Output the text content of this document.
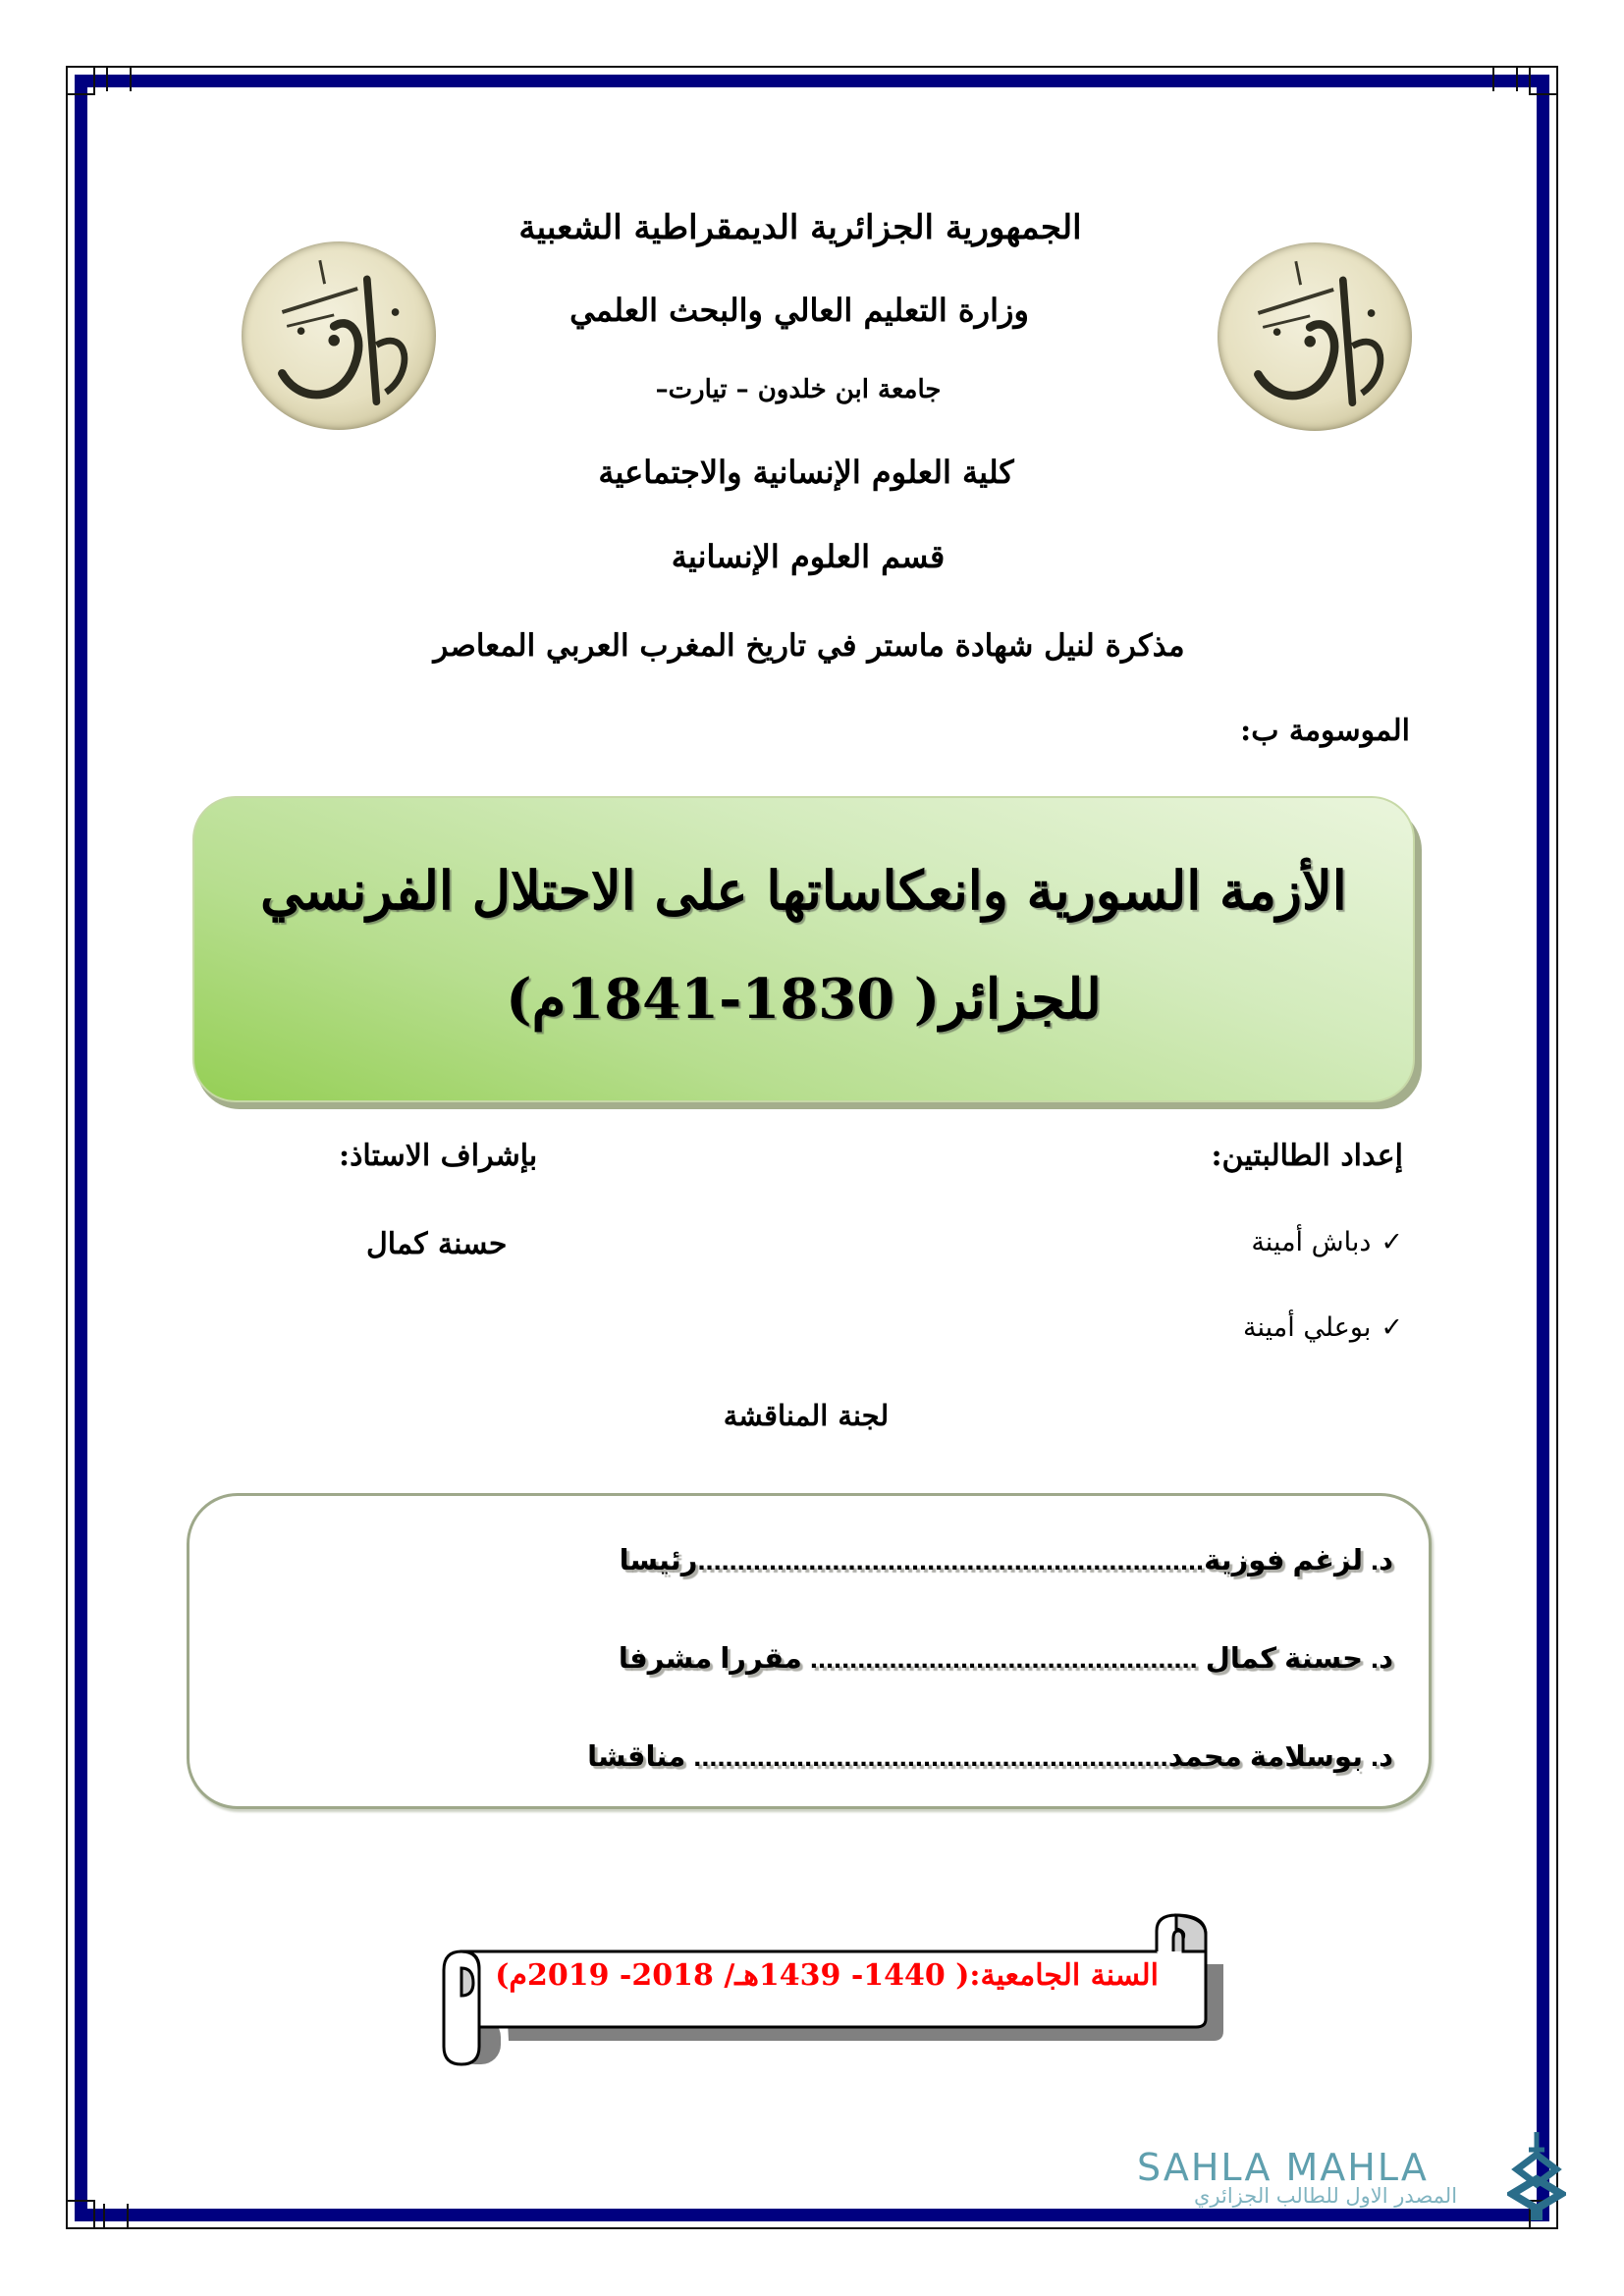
الجمهورية الجزائرية الديمقراطية الشعبية
وزارة التعليم العالي والبحث العلمي
جامعة ابن خلدون – تيارت–
كلية العلوم الإنسانية والاجتماعية
قسم العلوم الإنسانية
مذكرة لنيل شهادة ماستر في تاريخ المغرب العربي المعاصر
الموسومة ب:
الأزمة السورية وانعكاساتها على الاحتلال الفرنسي
للجزائر( 1830-1841م)
إعداد الطالبتين:
بإشراف الاستاذ:
✓دباش أمينة
✓بوعلي أمينة
حسنة كمال
لجنة المناقشة
د. لزغم فوزية................................................................رئيسا
د. حسنة كمال ................................................. مقررا مشرفا
د. بوسلامة محمد............................................................ مناقشا
السنة الجامعية:( 1440- 1439هـ/ 2018- 2019م)
SAHLA MAHLA
المصدر الاول للطالب الجزائري
